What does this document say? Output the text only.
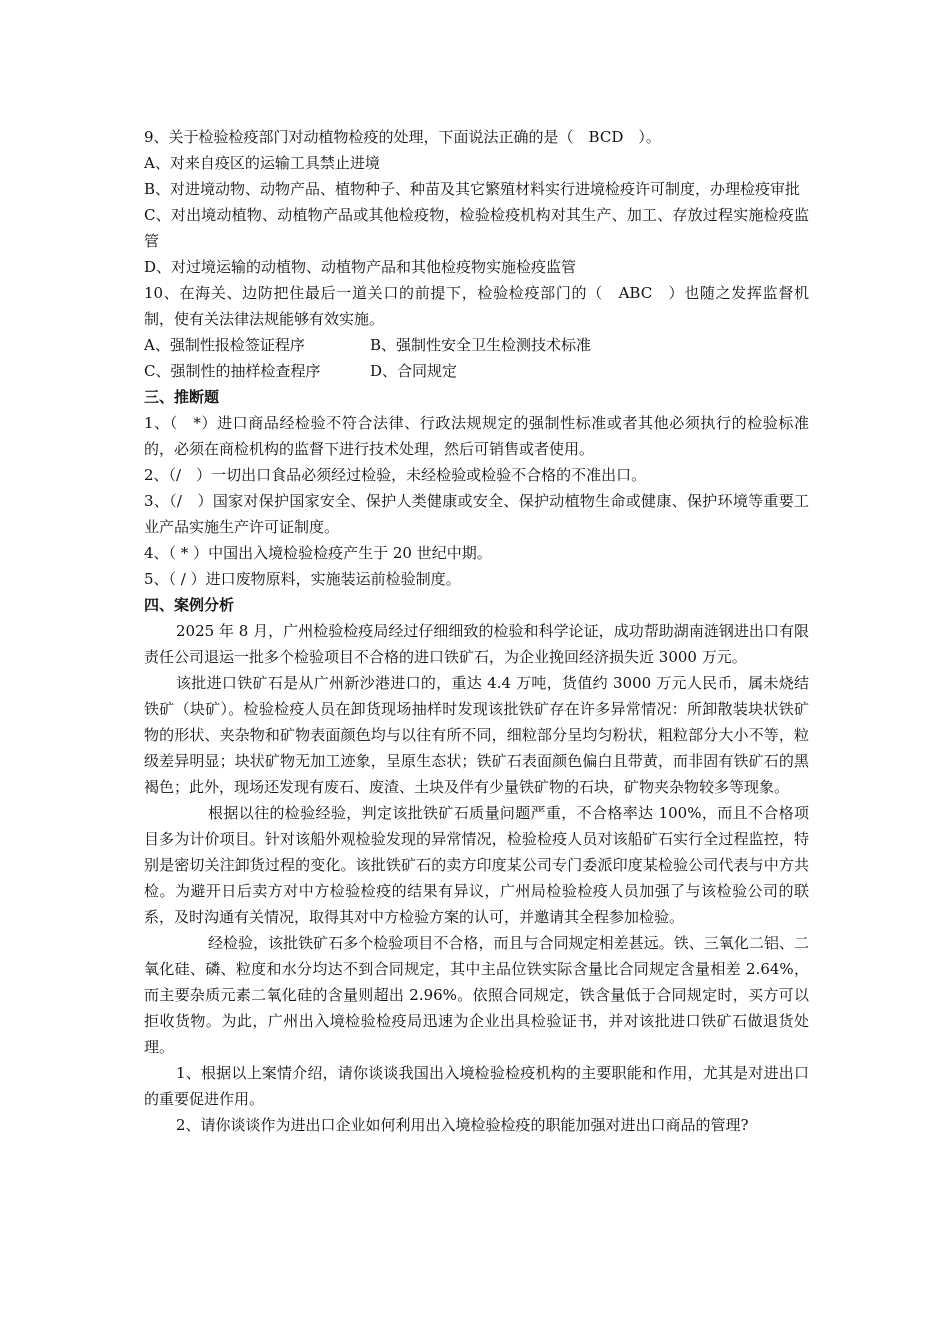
9、关于检验检疫部门对动植物检疫的处理，下面说法正确的是（　BCD　）。

A、对来自疫区的运输工具禁止进境

B、对进境动物、动物产品、植物种子、种苗及其它繁殖材料实行进境检疫许可制度，办理检疫审批

C、对出境动植物、动植物产品或其他检疫物，检验检疫机构对其生产、加工、存放过程实施检疫监管

D、对过境运输的动植物、动植物产品和其他检疫物实施检疫监管

10、在海关、边防把住最后一道关口的前提下，检验检疫部门的（　ABC　）也随之发挥监督机制，使有关法律法规能够有效实施。

A、强制性报检签证程序	B、强制性安全卫生检测技术标准
C、强制性的抽样检查程序	D、合同规定

三、推断题

1、（　*）进口商品经检验不符合法律、行政法规规定的强制性标准或者其他必须执行的检验标准的，必须在商检机构的监督下进行技术处理，然后可销售或者使用。

2、（/　）一切出口食品必须经过检验，未经检验或检验不合格的不准出口。

3、（/　）国家对保护国家安全、保护人类健康或安全、保护动植物生命或健康、保护环境等重要工业产品实施生产许可证制度。

4、（ * ）中国出入境检验检疫产生于 20 世纪中期。

5、（ / ）进口废物原料，实施装运前检验制度。

四、案例分析

2025 年 8 月，广州检验检疫局经过仔细细致的检验和科学论证，成功帮助湖南涟钢进出口有限责任公司退运一批多个检验项目不合格的进口铁矿石，为企业挽回经济损失近 3000 万元。

该批进口铁矿石是从广州新沙港进口的，重达 4.4 万吨，货值约 3000 万元人民币，属未烧结铁矿（块矿）。检验检疫人员在卸货现场抽样时发现该批铁矿存在许多异常情况：所卸散装块状铁矿物的形状、夹杂物和矿物表面颜色均与以往有所不同，细粒部分呈均匀粉状，粗粒部分大小不等，粒级差异明显；块状矿物无加工迹象，呈原生态状；铁矿石表面颜色偏白且带黄，而非固有铁矿石的黑褐色；此外，现场还发现有废石、废渣、土块及伴有少量铁矿物的石块，矿物夹杂物较多等现象。

根据以往的检验经验，判定该批铁矿石质量问题严重，不合格率达 100%，而且不合格项目多为计价项目。针对该船外观检验发现的异常情况，检验检疫人员对该船矿石实行全过程监控，特别是密切关注卸货过程的变化。该批铁矿石的卖方印度某公司专门委派印度某检验公司代表与中方共检。为避开日后卖方对中方检验检疫的结果有异议，广州局检验检疫人员加强了与该检验公司的联系，及时沟通有关情况，取得其对中方检验方案的认可，并邀请其全程参加检验。

经检验，该批铁矿石多个检验项目不合格，而且与合同规定相差甚远。铁、三氧化二铝、二氧化硅、磷、粒度和水分均达不到合同规定，其中主品位铁实际含量比合同规定含量相差 2.64%，而主要杂质元素二氧化硅的含量则超出 2.96%。依照合同规定，铁含量低于合同规定时，买方可以拒收货物。为此，广州出入境检验检疫局迅速为企业出具检验证书，并对该批进口铁矿石做退货处理。

1、根据以上案情介绍，请你谈谈我国出入境检验检疫机构的主要职能和作用，尤其是对进出口的重要促进作用。

2、请你谈谈作为进出口企业如何利用出入境检验检疫的职能加强对进出口商品的管理?
